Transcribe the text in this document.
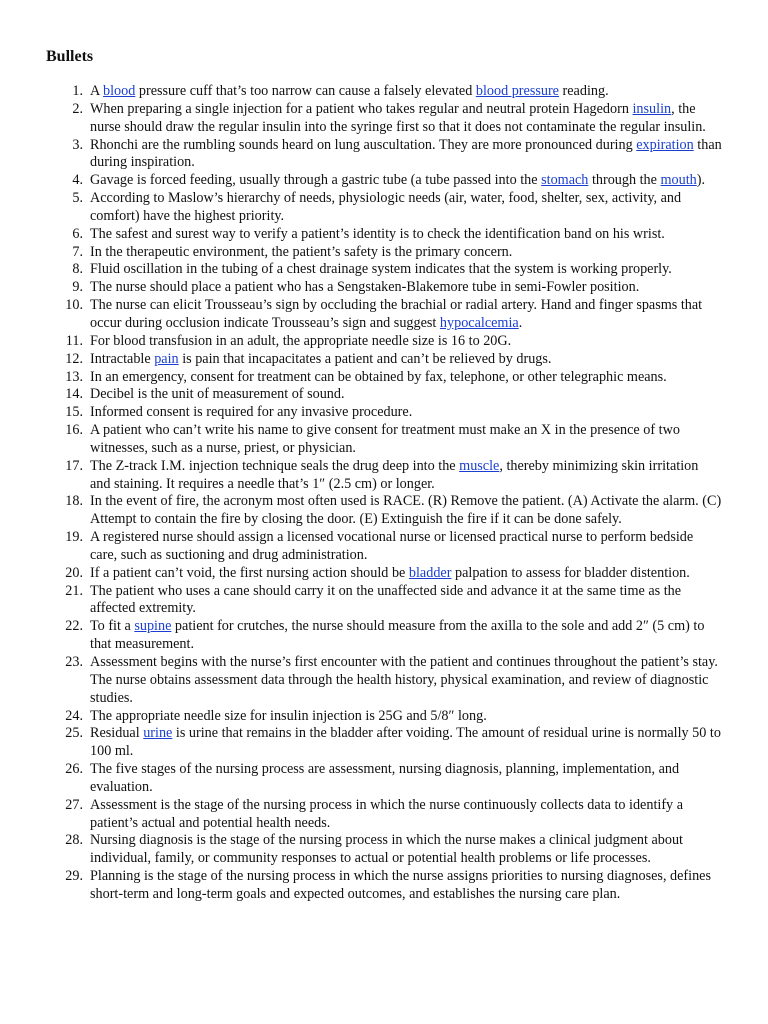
Bullets
1. A blood pressure cuff that’s too narrow can cause a falsely elevated blood pressure reading.
2. When preparing a single injection for a patient who takes regular and neutral protein Hagedorn insulin, the nurse should draw the regular insulin into the syringe first so that it does not contaminate the regular insulin.
3. Rhonchi are the rumbling sounds heard on lung auscultation. They are more pronounced during expiration than during inspiration.
4. Gavage is forced feeding, usually through a gastric tube (a tube passed into the stomach through the mouth).
5. According to Maslow’s hierarchy of needs, physiologic needs (air, water, food, shelter, sex, activity, and comfort) have the highest priority.
6. The safest and surest way to verify a patient’s identity is to check the identification band on his wrist.
7. In the therapeutic environment, the patient’s safety is the primary concern.
8. Fluid oscillation in the tubing of a chest drainage system indicates that the system is working properly.
9. The nurse should place a patient who has a Sengstaken-Blakemore tube in semi-Fowler position.
10. The nurse can elicit Trousseau’s sign by occluding the brachial or radial artery. Hand and finger spasms that occur during occlusion indicate Trousseau’s sign and suggest hypocalcemia.
11. For blood transfusion in an adult, the appropriate needle size is 16 to 20G.
12. Intractable pain is pain that incapacitates a patient and can’t be relieved by drugs.
13. In an emergency, consent for treatment can be obtained by fax, telephone, or other telegraphic means.
14. Decibel is the unit of measurement of sound.
15. Informed consent is required for any invasive procedure.
16. A patient who can’t write his name to give consent for treatment must make an X in the presence of two witnesses, such as a nurse, priest, or physician.
17. The Z-track I.M. injection technique seals the drug deep into the muscle, thereby minimizing skin irritation and staining. It requires a needle that’s 1″ (2.5 cm) or longer.
18. In the event of fire, the acronym most often used is RACE. (R) Remove the patient. (A) Activate the alarm. (C) Attempt to contain the fire by closing the door. (E) Extinguish the fire if it can be done safely.
19. A registered nurse should assign a licensed vocational nurse or licensed practical nurse to perform bedside care, such as suctioning and drug administration.
20. If a patient can’t void, the first nursing action should be bladder palpation to assess for bladder distention.
21. The patient who uses a cane should carry it on the unaffected side and advance it at the same time as the affected extremity.
22. To fit a supine patient for crutches, the nurse should measure from the axilla to the sole and add 2″ (5 cm) to that measurement.
23. Assessment begins with the nurse’s first encounter with the patient and continues throughout the patient’s stay. The nurse obtains assessment data through the health history, physical examination, and review of diagnostic studies.
24. The appropriate needle size for insulin injection is 25G and 5/8″ long.
25. Residual urine is urine that remains in the bladder after voiding. The amount of residual urine is normally 50 to 100 ml.
26. The five stages of the nursing process are assessment, nursing diagnosis, planning, implementation, and evaluation.
27. Assessment is the stage of the nursing process in which the nurse continuously collects data to identify a patient’s actual and potential health needs.
28. Nursing diagnosis is the stage of the nursing process in which the nurse makes a clinical judgment about individual, family, or community responses to actual or potential health problems or life processes.
29. Planning is the stage of the nursing process in which the nurse assigns priorities to nursing diagnoses, defines short-term and long-term goals and expected outcomes, and establishes the nursing care plan.
